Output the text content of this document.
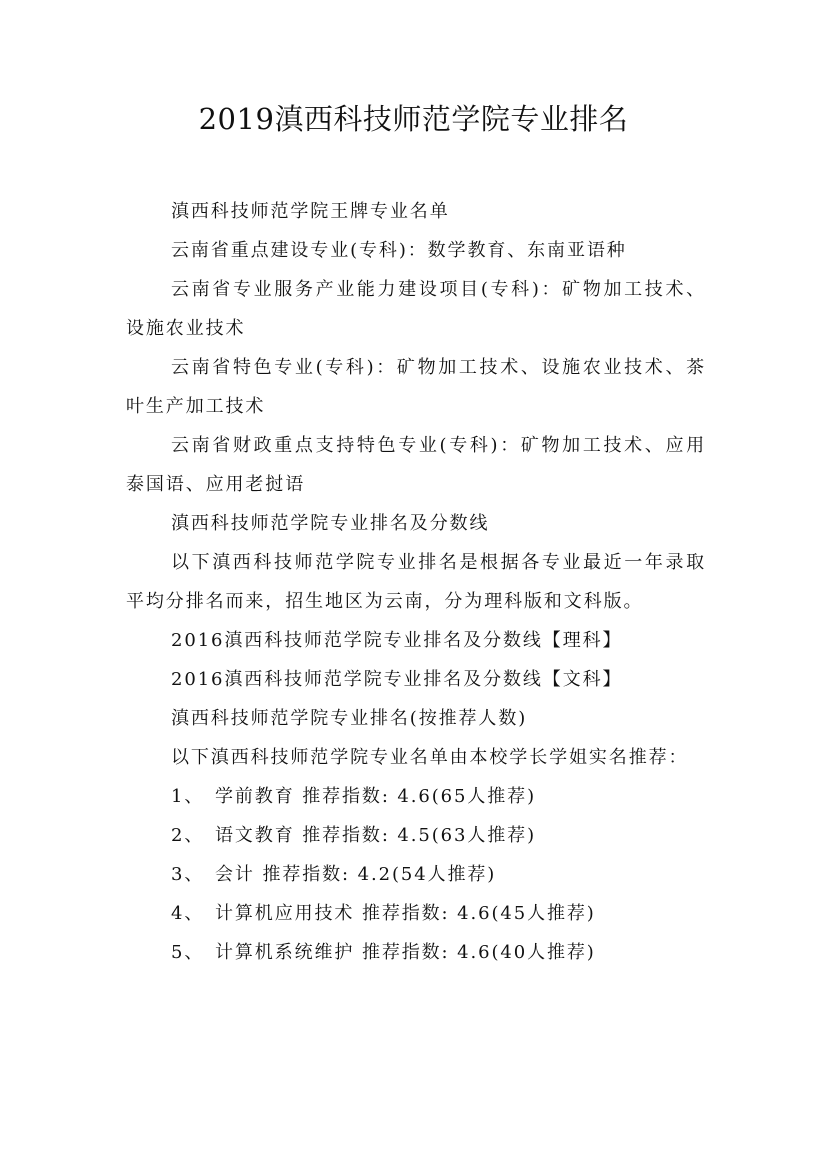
2019滇西科技师范学院专业排名

滇西科技师范学院王牌专业名单

云南省重点建设专业(专科)：数学教育、东南亚语种

云南省专业服务产业能力建设项目(专科)：矿物加工技术、设施农业技术

云南省特色专业(专科)：矿物加工技术、设施农业技术、茶叶生产加工技术

云南省财政重点支持特色专业(专科)：矿物加工技术、应用泰国语、应用老挝语

滇西科技师范学院专业排名及分数线

以下滇西科技师范学院专业排名是根据各专业最近一年录取平均分排名而来，招生地区为云南，分为理科版和文科版。

2016滇西科技师范学院专业排名及分数线【理科】

2016滇西科技师范学院专业排名及分数线【文科】

滇西科技师范学院专业排名(按推荐人数)

以下滇西科技师范学院专业名单由本校学长学姐实名推荐：

1、 学前教育 推荐指数: 4.6(65人推荐)

2、 语文教育 推荐指数: 4.5(63人推荐)

3、 会计 推荐指数: 4.2(54人推荐)

4、 计算机应用技术 推荐指数: 4.6(45人推荐)

5、 计算机系统维护 推荐指数: 4.6(40人推荐)
